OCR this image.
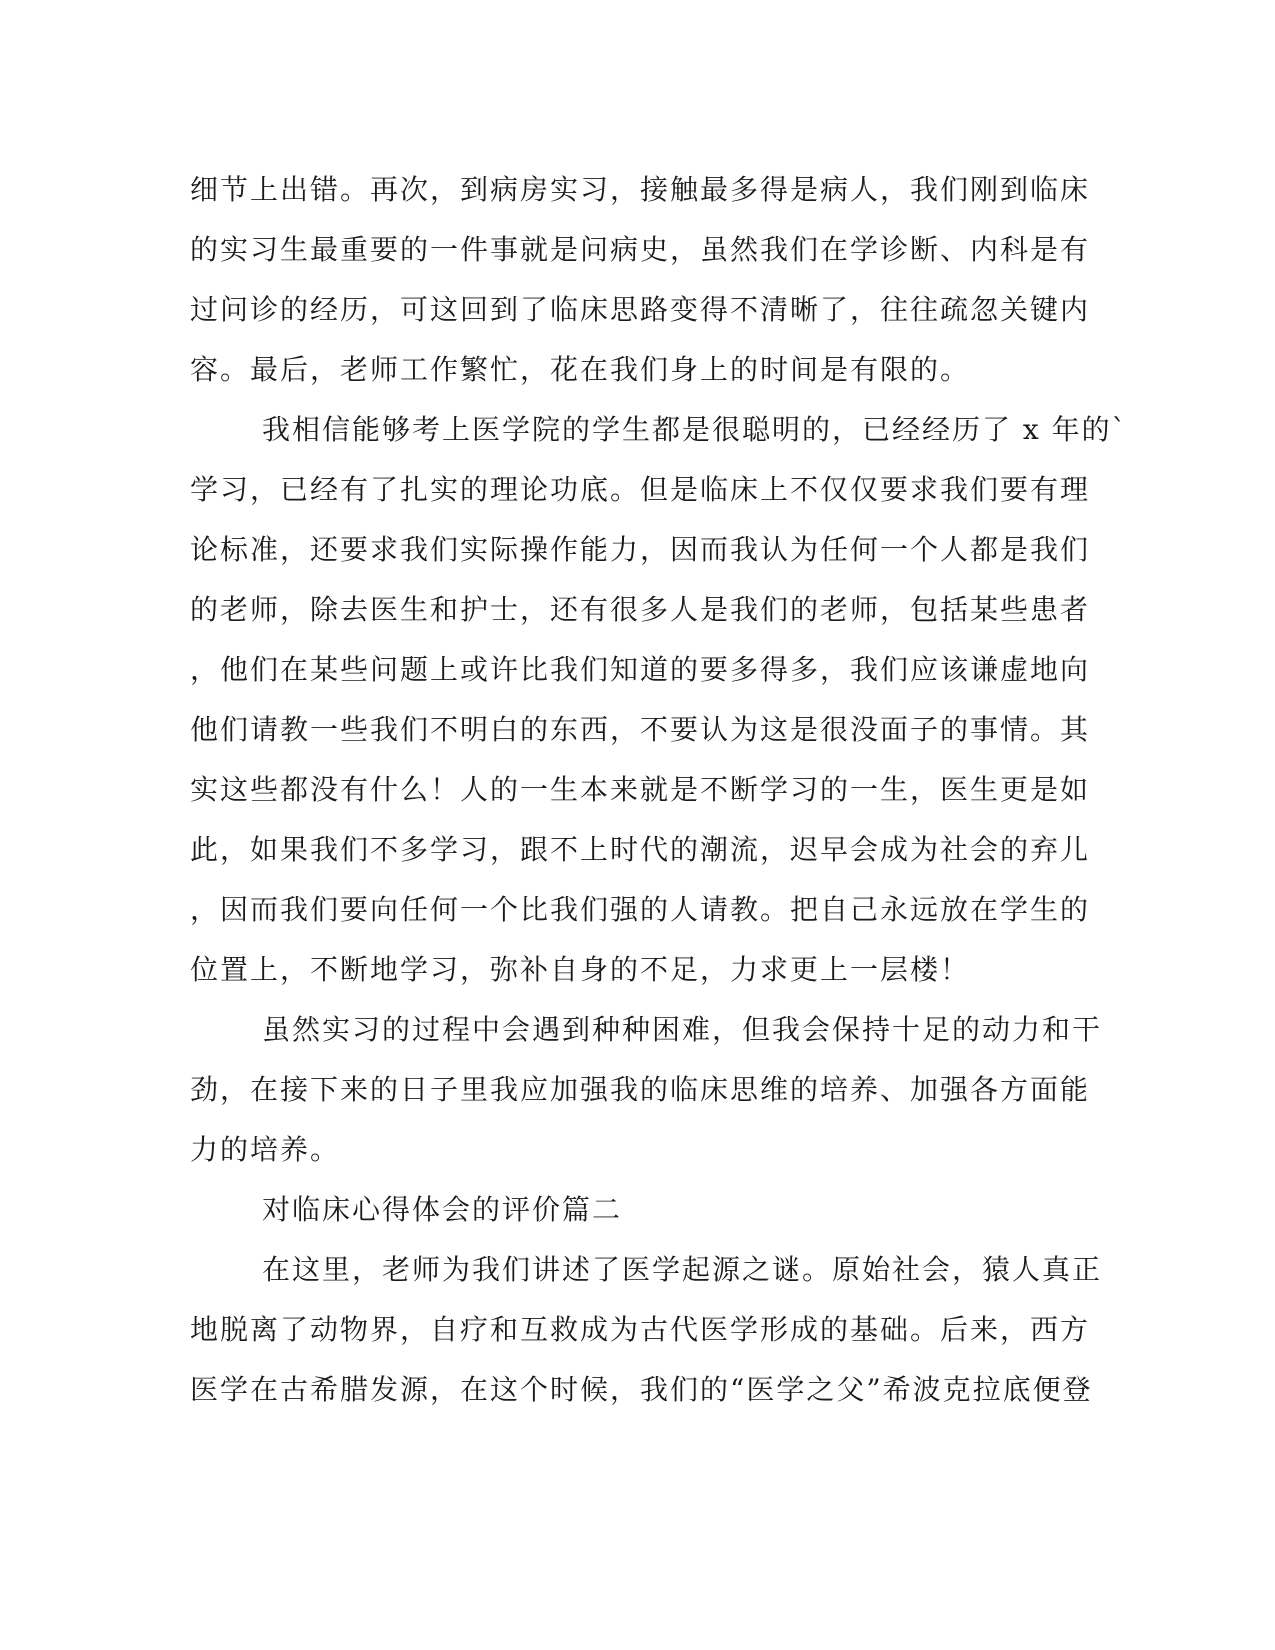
细节上出错。再次，到病房实习，接触最多得是病人，我们刚到临床
的实习生最重要的一件事就是问病史，虽然我们在学诊断、内科是有
过问诊的经历，可这回到了临床思路变得不清晰了，往往疏忽关键内
容。最后，老师工作繁忙，花在我们身上的时间是有限的。
我相信能够考上医学院的学生都是很聪明的，已经经历了 x 年的`
学习，已经有了扎实的理论功底。但是临床上不仅仅要求我们要有理
论标准，还要求我们实际操作能力，因而我认为任何一个人都是我们
的老师，除去医生和护士，还有很多人是我们的老师，包括某些患者
，他们在某些问题上或许比我们知道的要多得多，我们应该谦虚地向
他们请教一些我们不明白的东西，不要认为这是很没面子的事情。其
实这些都没有什么！人的一生本来就是不断学习的一生，医生更是如
此，如果我们不多学习，跟不上时代的潮流，迟早会成为社会的弃儿
，因而我们要向任何一个比我们强的人请教。把自己永远放在学生的
位置上，不断地学习，弥补自身的不足，力求更上一层楼！
虽然实习的过程中会遇到种种困难，但我会保持十足的动力和干
劲，在接下来的日子里我应加强我的临床思维的培养、加强各方面能
力的培养。
对临床心得体会的评价篇二
在这里，老师为我们讲述了医学起源之谜。原始社会，猿人真正
地脱离了动物界，自疗和互救成为古代医学形成的基础。后来，西方
医学在古希腊发源，在这个时候，我们的“医学之父”希波克拉底便登
